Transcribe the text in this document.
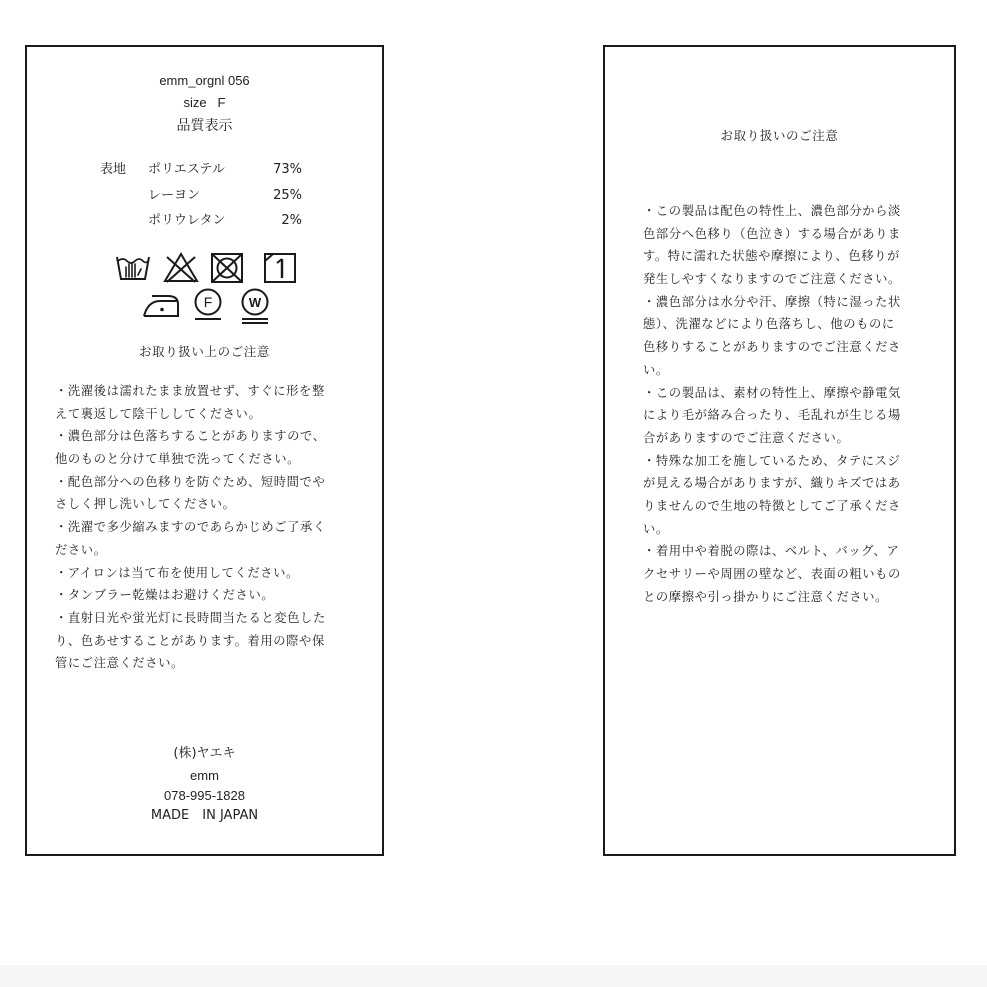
emm_orgnl 056
size F
品質表示
表地 ポリエステル	73%
レーヨン	25%
ポリウレタン	2%
F	W
お取り扱い上のご注意
・洗濯後は濡れたまま放置せず、すぐに形を整
えて裏返して陰干ししてください。
・濃色部分は色落ちすることがありますので、
他のものと分けて単独で洗ってください。
・配色部分への色移りを防ぐため、短時間でや
さしく押し洗いしてください。
・洗濯で多少縮みますのであらかじめご了承く
ださい。
・アイロンは当て布を使用してください。
・タンブラー乾燥はお避けください。
・直射日光や蛍光灯に長時間当たると変色した
り、色あせすることがあります。着用の際や保
管にご注意ください。
(株)ヤエキ
emm
078-995-1828
MADE　IN JAPAN
お取り扱いのご注意
・この製品は配色の特性上、濃色部分から淡
色部分へ色移り（色泣き）する場合がありま
す。特に濡れた状態や摩擦により、色移りが
発生しやすくなりますのでご注意ください。
・濃色部分は水分や汗、摩擦（特に湿った状
態）、洗濯などにより色落ちし、他のものに
色移りすることがありますのでご注意くださ
い。
・この製品は、素材の特性上、摩擦や静電気
により毛が絡み合ったり、毛乱れが生じる場
合がありますのでご注意ください。
・特殊な加工を施しているため、タテにスジ
が見える場合がありますが、織りキズではあ
りませんので生地の特徴としてご了承くださ
い。
・着用中や着脱の際は、ベルト、バッグ、ア
クセサリーや周囲の壁など、表面の粗いもの
との摩擦や引っ掛かりにご注意ください。
